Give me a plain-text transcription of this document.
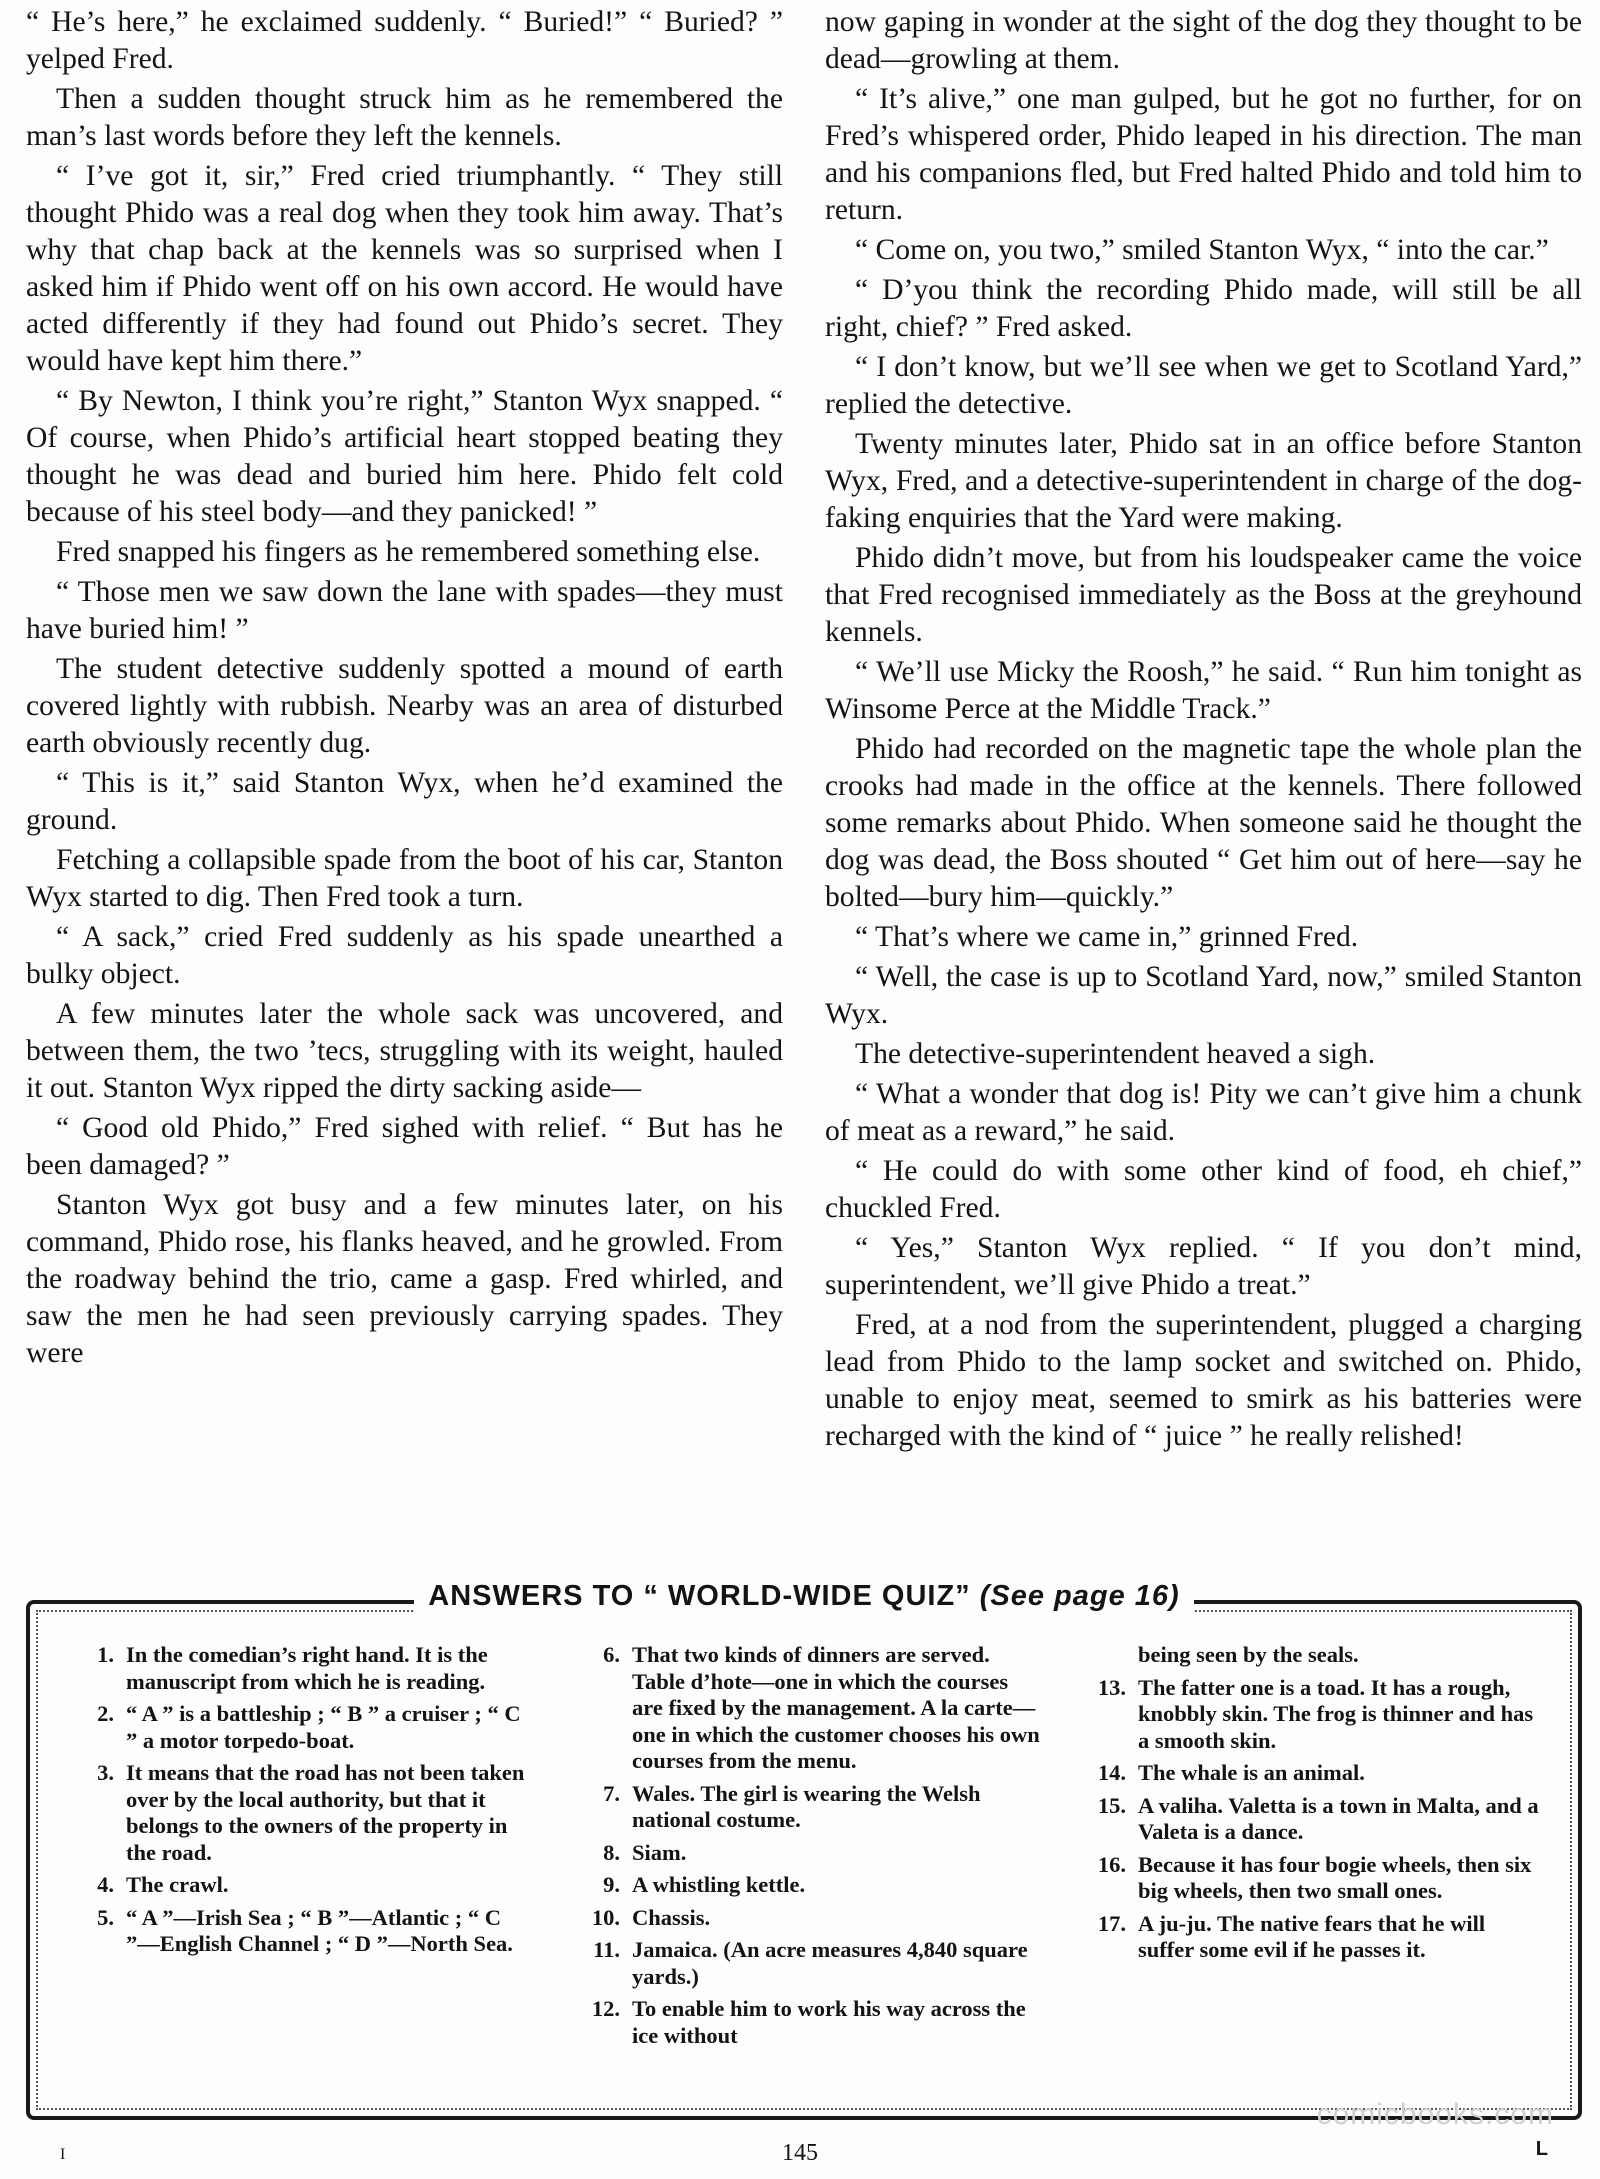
“ He’s here,” he exclaimed suddenly. “ Buried!” “ Buried? ” yelped Fred.

Then a sudden thought struck him as he remembered the man’s last words before they left the kennels.

“ I’ve got it, sir,” Fred cried triumphantly. “ They still thought Phido was a real dog when they took him away. That’s why that chap back at the kennels was so surprised when I asked him if Phido went off on his own accord. He would have acted differently if they had found out Phido’s secret. They would have kept him there.”

“ By Newton, I think you’re right,” Stanton Wyx snapped. “ Of course, when Phido’s artificial heart stopped beating they thought he was dead and buried him here. Phido felt cold because of his steel body—and they panicked! ”

Fred snapped his fingers as he remembered something else.

“ Those men we saw down the lane with spades—they must have buried him! ”

The student detective suddenly spotted a mound of earth covered lightly with rubbish. Nearby was an area of disturbed earth obviously recently dug.

“ This is it,” said Stanton Wyx, when he’d examined the ground.

Fetching a collapsible spade from the boot of his car, Stanton Wyx started to dig. Then Fred took a turn.

“ A sack,” cried Fred suddenly as his spade unearthed a bulky object.

A few minutes later the whole sack was uncovered, and between them, the two ’tecs, struggling with its weight, hauled it out. Stanton Wyx ripped the dirty sacking aside—

“ Good old Phido,” Fred sighed with relief. “ But has he been damaged? ”

Stanton Wyx got busy and a few minutes later, on his command, Phido rose, his flanks heaved, and he growled. From the roadway behind the trio, came a gasp. Fred whirled, and saw the men he had seen previously carrying spades. They were

now gaping in wonder at the sight of the dog they thought to be dead—growling at them.

“ It’s alive,” one man gulped, but he got no further, for on Fred’s whispered order, Phido leaped in his direction. The man and his companions fled, but Fred halted Phido and told him to return.

“ Come on, you two,” smiled Stanton Wyx, “ into the car.”

“ D’you think the recording Phido made, will still be all right, chief? ” Fred asked.

“ I don’t know, but we’ll see when we get to Scotland Yard,” replied the detective.

Twenty minutes later, Phido sat in an office before Stanton Wyx, Fred, and a detective-superintendent in charge of the dog-faking enquiries that the Yard were making.

Phido didn’t move, but from his loudspeaker came the voice that Fred recognised immediately as the Boss at the greyhound kennels.

“ We’ll use Micky the Roosh,” he said. “ Run him tonight as Winsome Perce at the Middle Track.”

Phido had recorded on the magnetic tape the whole plan the crooks had made in the office at the kennels. There followed some remarks about Phido. When someone said he thought the dog was dead, the Boss shouted “ Get him out of here—say he bolted—bury him—quickly.”

“ That’s where we came in,” grinned Fred.

“ Well, the case is up to Scotland Yard, now,” smiled Stanton Wyx.

The detective-superintendent heaved a sigh.

“ What a wonder that dog is! Pity we can’t give him a chunk of meat as a reward,” he said.

“ He could do with some other kind of food, eh chief,” chuckled Fred.

“ Yes,” Stanton Wyx replied. “ If you don’t mind, superintendent, we’ll give Phido a treat.”

Fred, at a nod from the superintendent, plugged a charging lead from Phido to the lamp socket and switched on. Phido, unable to enjoy meat, seemed to smirk as his batteries were recharged with the kind of “ juice ” he really relished!

ANSWERS TO “ WORLD-WIDE QUIZ” (See page 16)
1. In the comedian’s right hand. It is the manuscript from which he is reading.
2. “ A ” is a battleship ; “ B ” a cruiser ; “ C ” a motor torpedo-boat.
3. It means that the road has not been taken over by the local authority, but that it belongs to the owners of the property in the road.
4. The crawl.
5. “ A ”—Irish Sea ; “ B ”—Atlantic ; “ C ”—English Channel ; “ D ”—North Sea.
6. That two kinds of dinners are served. Table d’hote—one in which the courses are fixed by the management. A la carte—one in which the customer chooses his own courses from the menu.
7. Wales. The girl is wearing the Welsh national costume.
8. Siam.
9. A whistling kettle.
10. Chassis.
11. Jamaica. (An acre measures 4,840 square yards.)
12. To enable him to work his way across the ice without
being seen by the seals.
13. The fatter one is a toad. It has a rough, knobbly skin. The frog is thinner and has a smooth skin.
14. The whale is an animal.
15. A valiha. Valetta is a town in Malta, and a Valeta is a dance.
16. Because it has four bogie wheels, then six big wheels, then two small ones.
17. A ju-ju. The native fears that he will suffer some evil if he passes it.
comicbooks.com
I	145	L
